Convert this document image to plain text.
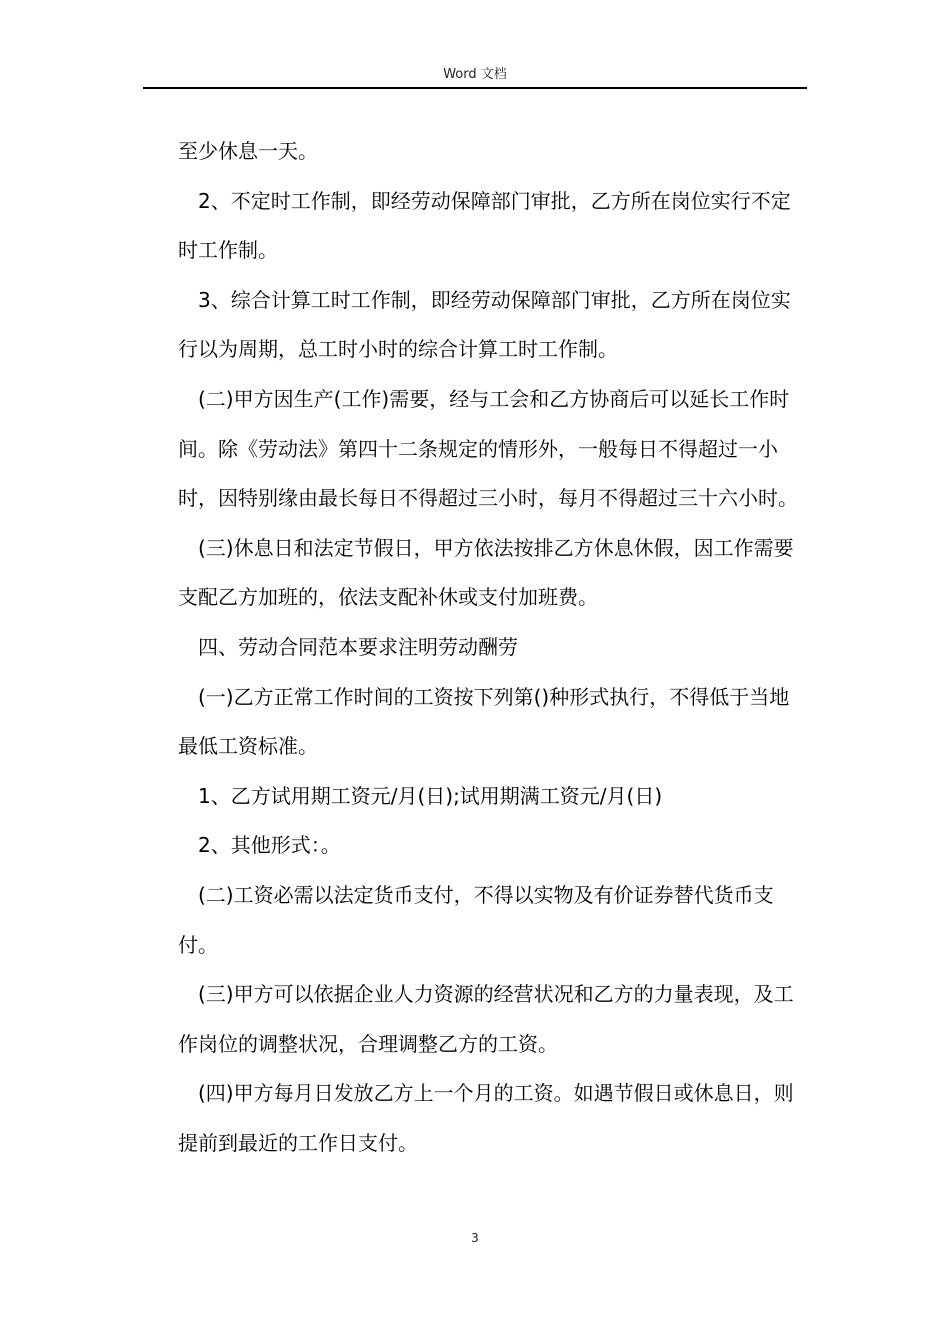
Word 文档

至少休息一天。

2、不定时工作制，即经劳动保障部门审批，乙方所在岗位实行不定时工作制。

3、综合计算工时工作制，即经劳动保障部门审批，乙方所在岗位实行以为周期，总工时小时的综合计算工时工作制。

(二)甲方因生产(工作)需要，经与工会和乙方协商后可以延长工作时间。除《劳动法》第四十二条规定的情形外，一般每日不得超过一小时，因特别缘由最长每日不得超过三小时，每月不得超过三十六小时。

(三)休息日和法定节假日，甲方依法按排乙方休息休假，因工作需要支配乙方加班的，依法支配补休或支付加班费。

四、劳动合同范本要求注明劳动酬劳

(一)乙方正常工作时间的工资按下列第()种形式执行，不得低于当地最低工资标准。

1、乙方试用期工资元/月(日);试用期满工资元/月(日)

2、其他形式：。

(二)工资必需以法定货币支付，不得以实物及有价证券替代货币支付。

(三)甲方可以依据企业人力资源的经营状况和乙方的力量表现，及工作岗位的调整状况，合理调整乙方的工资。

(四)甲方每月日发放乙方上一个月的工资。如遇节假日或休息日，则提前到最近的工作日支付。

3
